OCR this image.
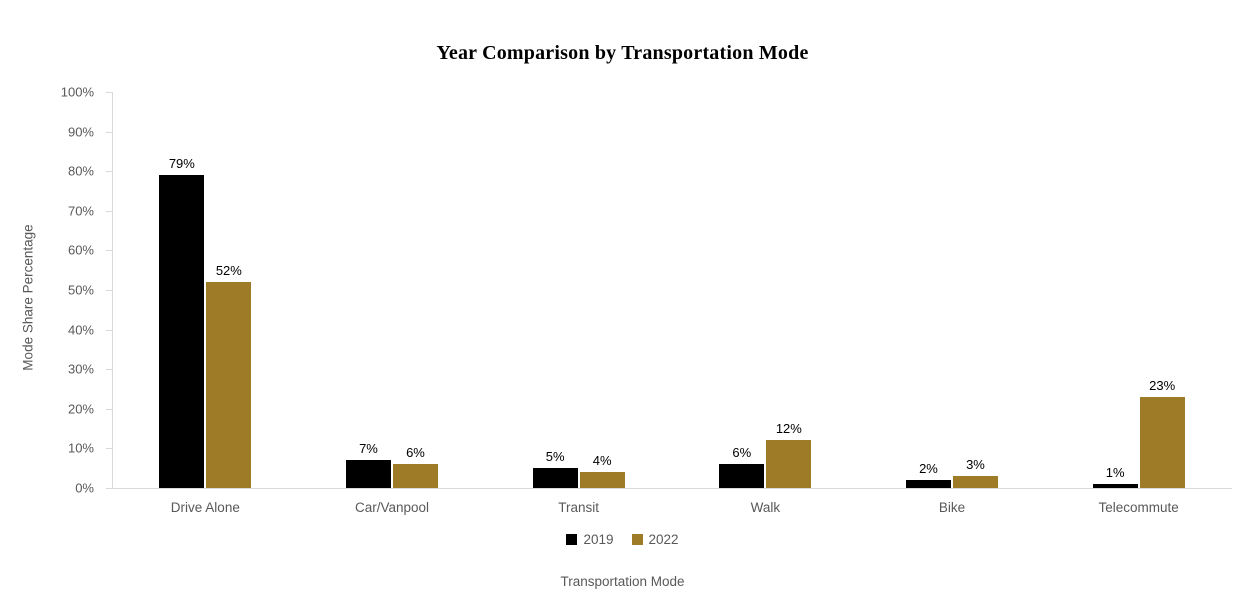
Year Comparison by Transportation Mode
Mode Share Percentage
Transportation Mode
0%
10%
20%
30%
40%
50%
60%
70%
80%
90%
100%
79%
52%
7%	6%	5%	4%
6%
12%
2%	3%
1%
23%
Drive Alone	Car/Vanpool	Transit	Walk	Bike	Telecommute
2019	2022
